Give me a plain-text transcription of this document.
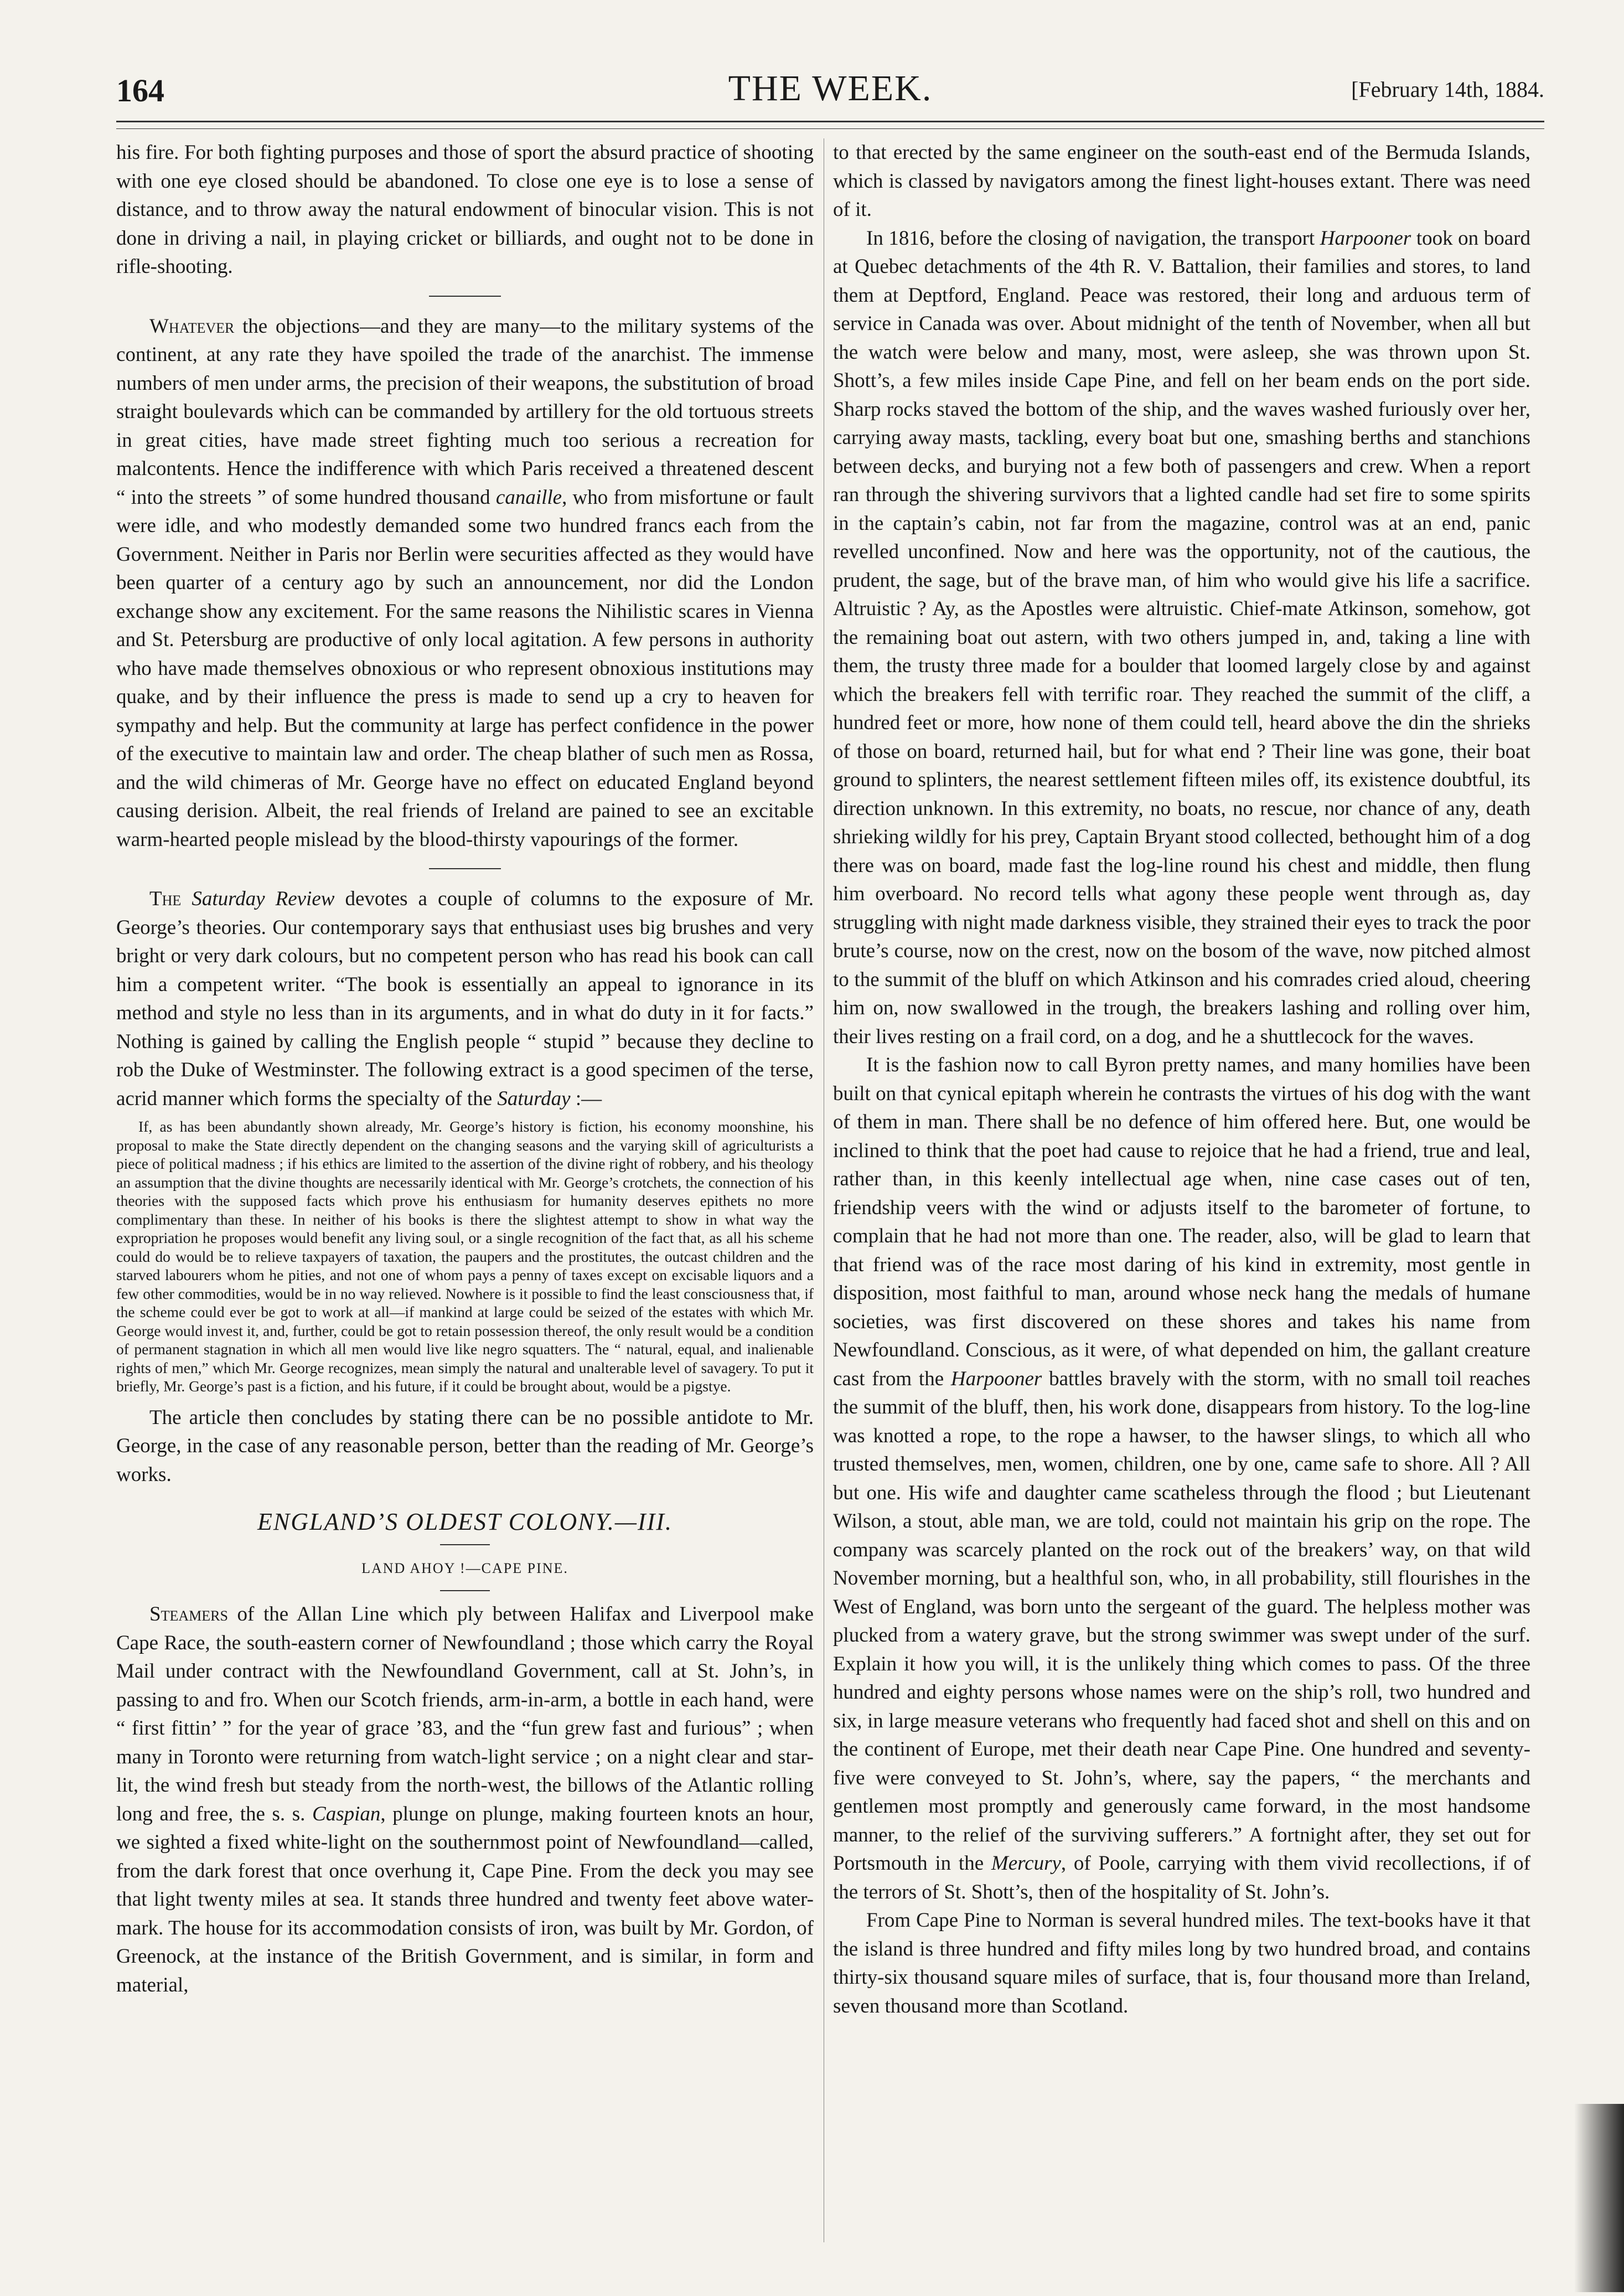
164	THE WEEK.	[February 14th, 1884.

his fire. For both fighting purposes and those of sport the absurd practice of shooting with one eye closed should be abandoned. To close one eye is to lose a sense of distance, and to throw away the natural endowment of binocular vision. This is not done in driving a nail, in playing cricket or billiards, and ought not to be done in rifle-shooting.

Whatever the objections—and they are many—to the military systems of the continent, at any rate they have spoiled the trade of the anarchist. The immense numbers of men under arms, the precision of their weapons, the substitution of broad straight boulevards which can be commanded by artillery for the old tortuous streets in great cities, have made street fighting much too serious a recreation for malcontents. Hence the indifference with which Paris received a threatened descent “ into the streets ” of some hundred thousand canaille, who from misfortune or fault were idle, and who modestly demanded some two hundred francs each from the Government. Neither in Paris nor Berlin were securities affected as they would have been quarter of a century ago by such an announcement, nor did the London exchange show any excitement. For the same reasons the Nihilistic scares in Vienna and St. Petersburg are productive of only local agitation. A few persons in authority who have made themselves obnoxious or who represent obnoxious institutions may quake, and by their influence the press is made to send up a cry to heaven for sympathy and help. But the community at large has perfect confidence in the power of the executive to maintain law and order. The cheap blather of such men as Rossa, and the wild chimeras of Mr. George have no effect on educated England beyond causing derision. Albeit, the real friends of Ireland are pained to see an excitable warm-hearted people mislead by the blood-thirsty vapourings of the former.

The Saturday Review devotes a couple of columns to the exposure of Mr. George’s theories. Our contemporary says that enthusiast uses big brushes and very bright or very dark colours, but no competent person who has read his book can call him a competent writer. “The book is essentially an appeal to ignorance in its method and style no less than in its arguments, and in what do duty in it for facts.” Nothing is gained by calling the English people “ stupid ” because they decline to rob the Duke of Westminster. The following extract is a good specimen of the terse, acrid manner which forms the specialty of the Saturday :—

If, as has been abundantly shown already, Mr. George’s history is fiction, his economy moonshine, his proposal to make the State directly dependent on the changing seasons and the varying skill of agriculturists a piece of political madness ; if his ethics are limited to the assertion of the divine right of robbery, and his theology an assumption that the divine thoughts are necessarily identical with Mr. George’s crotchets, the connection of his theories with the supposed facts which prove his enthusiasm for humanity deserves epithets no more complimentary than these. In neither of his books is there the slightest attempt to show in what way the expropriation he proposes would benefit any living soul, or a single recognition of the fact that, as all his scheme could do would be to relieve taxpayers of taxation, the paupers and the prostitutes, the outcast children and the starved labourers whom he pities, and not one of whom pays a penny of taxes except on excisable liquors and a few other commodities, would be in no way relieved. Nowhere is it possible to find the least consciousness that, if the scheme could ever be got to work at all—if mankind at large could be seized of the estates with which Mr. George would invest it, and, further, could be got to retain possession thereof, the only result would be a condition of permanent stagnation in which all men would live like negro squatters. The “ natural, equal, and inalienable rights of men,” which Mr. George recognizes, mean simply the natural and unalterable level of savagery. To put it briefly, Mr. George’s past is a fiction, and his future, if it could be brought about, would be a pigstye.

The article then concludes by stating there can be no possible antidote to Mr. George, in the case of any reasonable person, better than the reading of Mr. George’s works.

ENGLAND’S OLDEST COLONY.—III.
LAND AHOY !—CAPE PINE.

Steamers of the Allan Line which ply between Halifax and Liverpool make Cape Race, the south-eastern corner of Newfoundland ; those which carry the Royal Mail under contract with the Newfoundland Government, call at St. John’s, in passing to and fro. When our Scotch friends, arm-in-arm, a bottle in each hand, were “ first fittin’ ” for the year of grace ’83, and the “fun grew fast and furious” ; when many in Toronto were returning from watch-light service ; on a night clear and star-lit, the wind fresh but steady from the north-west, the billows of the Atlantic rolling long and free, the s. s. Caspian, plunge on plunge, making fourteen knots an hour, we sighted a fixed white-light on the southernmost point of Newfoundland—called, from the dark forest that once overhung it, Cape Pine. From the deck you may see that light twenty miles at sea. It stands three hundred and twenty feet above water-mark. The house for its accommodation consists of iron, was built by Mr. Gordon, of Greenock, at the instance of the British Government, and is similar, in form and material,

to that erected by the same engineer on the south-east end of the Bermuda Islands, which is classed by navigators among the finest light-houses extant. There was need of it.

In 1816, before the closing of navigation, the transport Harpooner took on board at Quebec detachments of the 4th R. V. Battalion, their families and stores, to land them at Deptford, England. Peace was restored, their long and arduous term of service in Canada was over. About midnight of the tenth of November, when all but the watch were below and many, most, were asleep, she was thrown upon St. Shott’s, a few miles inside Cape Pine, and fell on her beam ends on the port side. Sharp rocks staved the bottom of the ship, and the waves washed furiously over her, carrying away masts, tackling, every boat but one, smashing berths and stanchions between decks, and burying not a few both of passengers and crew. When a report ran through the shivering survivors that a lighted candle had set fire to some spirits in the captain’s cabin, not far from the magazine, control was at an end, panic revelled unconfined. Now and here was the opportunity, not of the cautious, the prudent, the sage, but of the brave man, of him who would give his life a sacrifice. Altruistic ? Ay, as the Apostles were altruistic. Chief-mate Atkinson, somehow, got the remaining boat out astern, with two others jumped in, and, taking a line with them, the trusty three made for a boulder that loomed largely close by and against which the breakers fell with terrific roar. They reached the summit of the cliff, a hundred feet or more, how none of them could tell, heard above the din the shrieks of those on board, returned hail, but for what end ? Their line was gone, their boat ground to splinters, the nearest settlement fifteen miles off, its existence doubtful, its direction unknown. In this extremity, no boats, no rescue, nor chance of any, death shrieking wildly for his prey, Captain Bryant stood collected, bethought him of a dog there was on board, made fast the log-line round his chest and middle, then flung him overboard. No record tells what agony these people went through as, day struggling with night made darkness visible, they strained their eyes to track the poor brute’s course, now on the crest, now on the bosom of the wave, now pitched almost to the summit of the bluff on which Atkinson and his comrades cried aloud, cheering him on, now swallowed in the trough, the breakers lashing and rolling over him, their lives resting on a frail cord, on a dog, and he a shuttlecock for the waves.

It is the fashion now to call Byron pretty names, and many homilies have been built on that cynical epitaph wherein he contrasts the virtues of his dog with the want of them in man. There shall be no defence of him offered here. But, one would be inclined to think that the poet had cause to rejoice that he had a friend, true and leal, rather than, in this keenly intellectual age when, nine case cases out of ten, friendship veers with the wind or adjusts itself to the barometer of fortune, to complain that he had not more than one. The reader, also, will be glad to learn that that friend was of the race most daring of his kind in extremity, most gentle in disposition, most faithful to man, around whose neck hang the medals of humane societies, was first discovered on these shores and takes his name from Newfoundland. Conscious, as it were, of what depended on him, the gallant creature cast from the Harpooner battles bravely with the storm, with no small toil reaches the summit of the bluff, then, his work done, disappears from history. To the log-line was knotted a rope, to the rope a hawser, to the hawser slings, to which all who trusted themselves, men, women, children, one by one, came safe to shore. All ? All but one. His wife and daughter came scatheless through the flood ; but Lieutenant Wilson, a stout, able man, we are told, could not maintain his grip on the rope. The company was scarcely planted on the rock out of the breakers’ way, on that wild November morning, but a healthful son, who, in all probability, still flourishes in the West of England, was born unto the sergeant of the guard. The helpless mother was plucked from a watery grave, but the strong swimmer was swept under of the surf. Explain it how you will, it is the unlikely thing which comes to pass. Of the three hundred and eighty persons whose names were on the ship’s roll, two hundred and six, in large measure veterans who frequently had faced shot and shell on this and on the continent of Europe, met their death near Cape Pine. One hundred and seventy-five were conveyed to St. John’s, where, say the papers, “ the merchants and gentlemen most promptly and generously came forward, in the most handsome manner, to the relief of the surviving sufferers.” A fortnight after, they set out for Portsmouth in the Mercury, of Poole, carrying with them vivid recollections, if of the terrors of St. Shott’s, then of the hospitality of St. John’s.

From Cape Pine to Norman is several hundred miles. The text-books have it that the island is three hundred and fifty miles long by two hundred broad, and contains thirty-six thousand square miles of surface, that is, four thousand more than Ireland, seven thousand more than Scotland.
